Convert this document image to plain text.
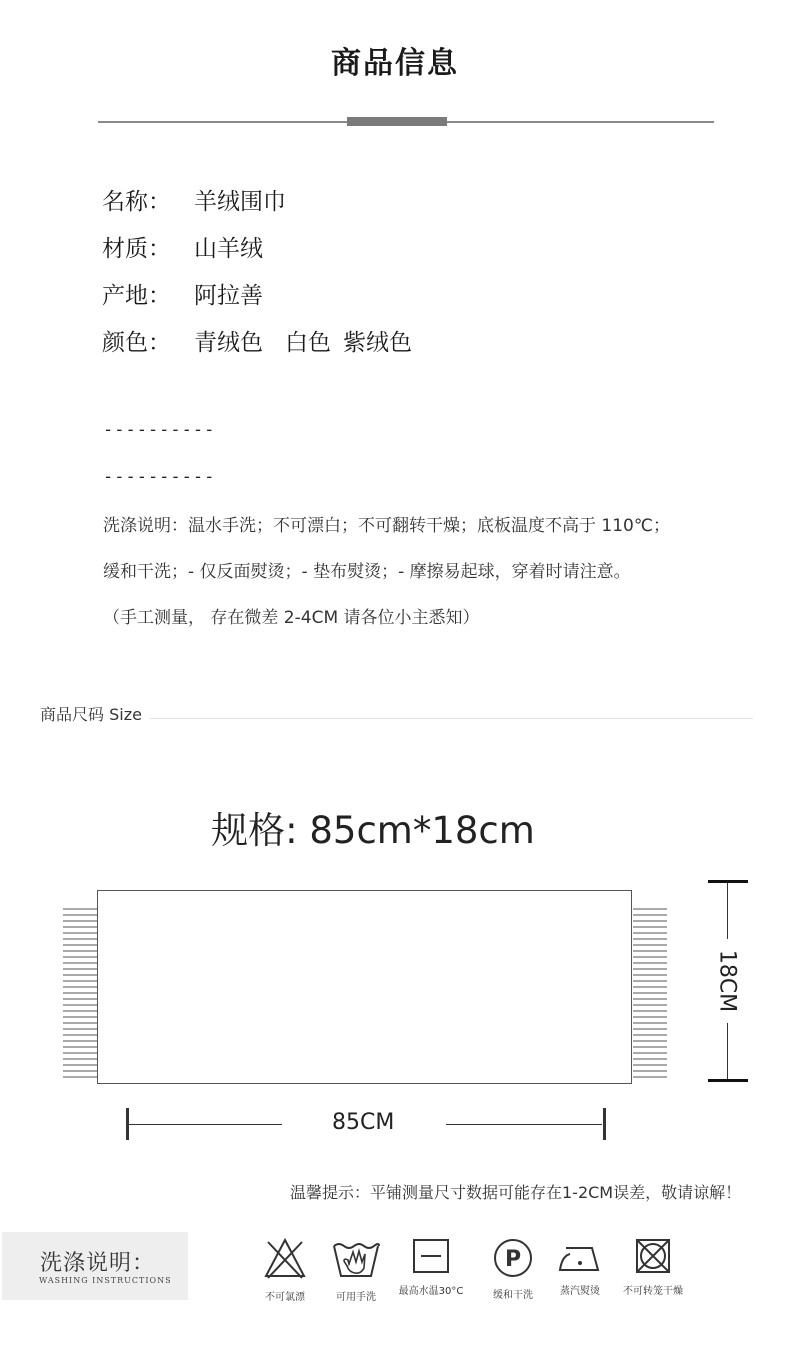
商品信息
名称： 羊绒围巾
材质： 山羊绒
产地： 阿拉善
颜色： 青绒色 白色 紫绒色
----------
----------
洗涤说明：温水手洗；不可漂白；不可翻转干燥；底板温度不高于 110℃；
缓和干洗；- 仅反面熨烫；- 垫布熨烫；- 摩擦易起球，穿着时请注意。
（手工测量， 存在微差 2-4CM 请各位小主悉知）
商品尺码 Size
规格: 85cm*18cm
18CM
85CM
温馨提示：平铺测量尺寸数据可能存在1-2CM误差，敬请谅解！
洗涤说明：
WASHING INSTRUCTIONS
不可氯漂	可用手洗
最高水温30°C
P
缓和干洗	蒸汽熨烫	不可转笼干燥
